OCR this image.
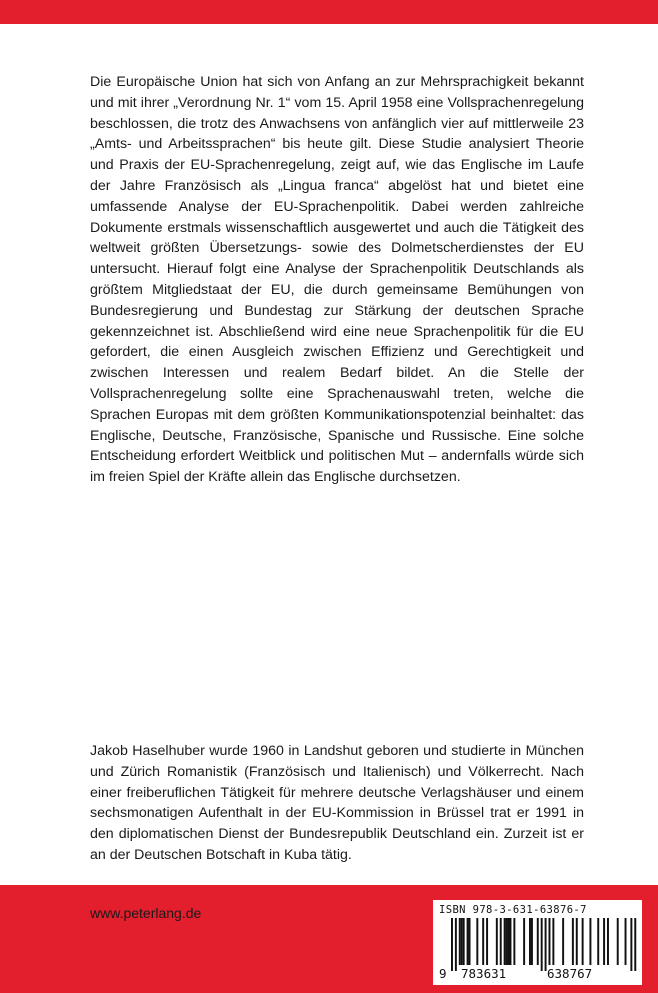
Die Europäische Union hat sich von Anfang an zur Mehrsprachigkeit bekannt und mit ihrer „Verordnung Nr. 1“ vom 15. April 1958 eine Vollsprachenregelung beschlossen, die trotz des Anwachsens von anfänglich vier auf mittlerweile 23 „Amts- und Arbeitssprachen“ bis heute gilt. Diese Studie analysiert Theorie und Praxis der EU-Sprachenregelung, zeigt auf, wie das Englische im Laufe der Jahre Französisch als „Lingua franca“ abgelöst hat und bietet eine umfassende Analyse der EU-Sprachenpolitik. Dabei werden zahlreiche Dokumente erstmals wissenschaftlich ausgewertet und auch die Tätigkeit des weltweit größten Übersetzungs- sowie des Dolmetscherdienstes der EU untersucht. Hierauf folgt eine Analyse der Sprachenpolitik Deutschlands als größtem Mitgliedstaat der EU, die durch gemeinsame Bemühungen von Bundesregierung und Bundestag zur Stärkung der deutschen Sprache gekennzeichnet ist. Abschließend wird eine neue Sprachenpolitik für die EU gefordert, die einen Ausgleich zwischen Effizienz und Gerechtigkeit und zwischen Interessen und realem Bedarf bildet. An die Stelle der Vollsprachenregelung sollte eine Sprachenauswahl treten, welche die Sprachen Europas mit dem größten Kommunikationspotenzial beinhaltet: das Englische, Deutsche, Französische, Spanische und Russische. Eine solche Entscheidung erfordert Weitblick und politischen Mut – andernfalls würde sich im freien Spiel der Kräfte allein das Englische durchsetzen.

Jakob Haselhuber wurde 1960 in Landshut geboren und studierte in München und Zürich Romanistik (Französisch und Italienisch) und Völkerrecht. Nach einer freiberuflichen Tätigkeit für mehrere deutsche Verlagshäuser und einem sechsmonatigen Aufenthalt in der EU-Kommission in Brüssel trat er 1991 in den diplomatischen Dienst der Bundesrepublik Deutschland ein. Zurzeit ist er an der Deutschen Botschaft in Kuba tätig.

www.peterlang.de	ISBN 978-3-631-63876-7
9 783631	638767
